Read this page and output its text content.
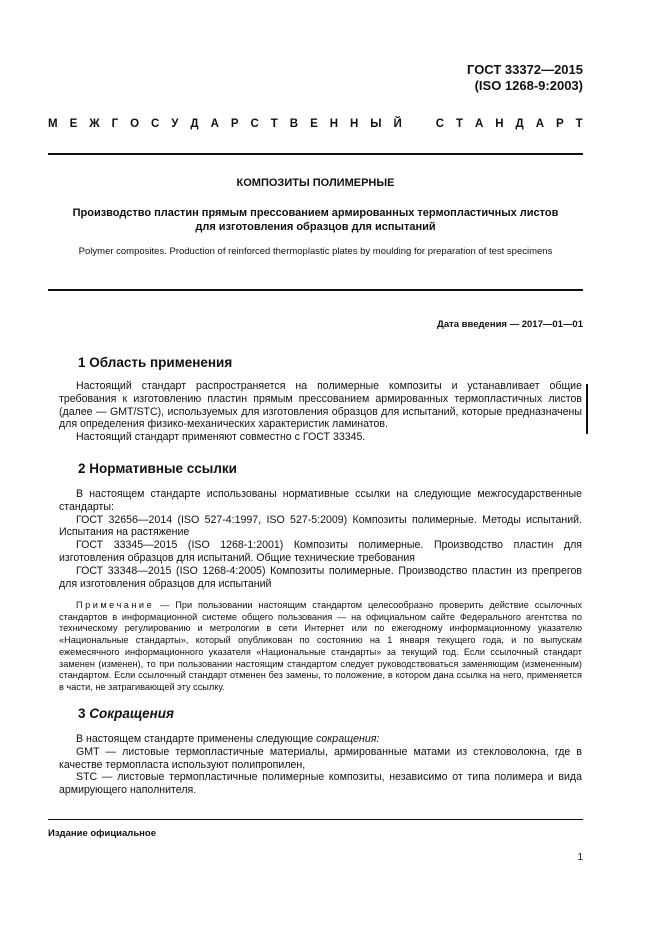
ГОСТ 33372—2015
(ISO 1268-9:2003)
М Е Ж Г О С У Д А Р С Т В Е Н Н Ы Й	С Т А Н Д А Р Т
КОМПОЗИТЫ ПОЛИМЕРНЫЕ
Производство пластин прямым прессованием армированных термопластичных листов
для изготовления образцов для испытаний
Polymer composites. Production of reinforced thermoplastic plates by moulding for preparation of test specimens
Дата введения — 2017—01—01
1 Область применения

Настоящий стандарт распространяется на полимерные композиты и устанавливает общие требования к изготовлению пластин прямым прессованием армированных термопластичных листов (далее — GMT/STC), используемых для изготовления образцов для испытаний, которые предназначены для определения физико-механических характеристик ламинатов.

Настоящий стандарт применяют совместно с ГОСТ 33345.

2 Нормативные ссылки

В настоящем стандарте использованы нормативные ссылки на следующие межгосударственные стандарты:

ГОСТ 32656—2014 (ISO 527-4:1997, ISO 527-5:2009) Композиты полимерные. Методы испытаний. Испытания на растяжение

ГОСТ 33345—2015 (ISO 1268-1:2001) Композиты полимерные. Производство пластин для изготовления образцов для испытаний. Общие технические требования

ГОСТ 33348—2015 (ISO 1268-4:2005) Композиты полимерные. Производство пластин из препрегов для изготовления образцов для испытаний

Примечание — При пользовании настоящим стандартом целесообразно проверить действие ссылочных стандартов в информационной системе общего пользования — на официальном сайте Федерального агентства по техническому регулированию и метрологии в сети Интернет или по ежегодному информационному указателю «Национальные стандарты», который опубликован по состоянию на 1 января текущего года, и по выпускам ежемесячного информационного указателя «Национальные стандарты» за текущий год. Если ссылочный стандарт заменен (изменен), то при пользовании настоящим стандартом следует руководствоваться заменяющим (измененным) стандартом. Если ссылочный стандарт отменен без замены, то положение, в котором дана ссылка на него, применяется в части, не затрагивающей эту ссылку.

3 Сокращения

В настоящем стандарте применены следующие сокращения:

GMT — листовые термопластичные материалы, армированные матами из стекловолокна, где в качестве термопласта используют полипропилен,

STC — листовые термопластичные полимерные композиты, независимо от типа полимера и вида армирующего наполнителя.

Издание официальное
1
